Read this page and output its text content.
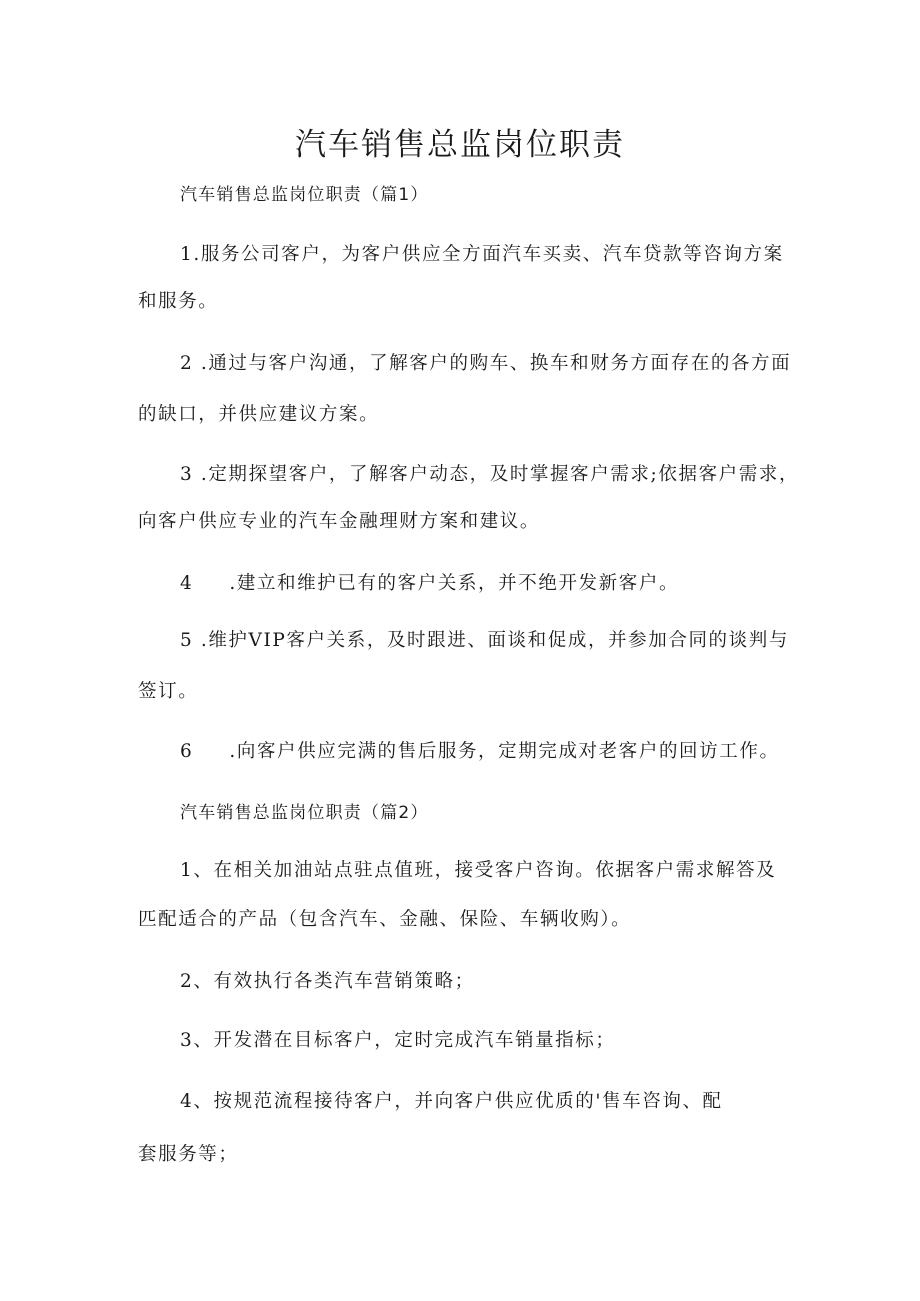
汽车销售总监岗位职责
汽车销售总监岗位职责（篇1）
1.服务公司客户，为客户供应全方面汽车买卖、汽车贷款等咨询方案
和服务。
2 .通过与客户沟通，了解客户的购车、换车和财务方面存在的各方面
的缺口，并供应建议方案。
3 .定期探望客户，了解客户动态，及时掌握客户需求;依据客户需求，
向客户供应专业的汽车金融理财方案和建议。
4 .建立和维护已有的客户关系，并不绝开发新客户。
5 .维护VIP客户关系，及时跟进、面谈和促成，并参加合同的谈判与
签订。
6 .向客户供应完满的售后服务，定期完成对老客户的回访工作。
汽车销售总监岗位职责（篇2）
1、在相关加油站点驻点值班，接受客户咨询。依据客户需求解答及
匹配适合的产品（包含汽车、金融、保险、车辆收购）。
2、有效执行各类汽车营销策略；
3、开发潜在目标客户，定时完成汽车销量指标；
4、按规范流程接待客户，并向客户供应优质的'售车咨询、配
套服务等；
